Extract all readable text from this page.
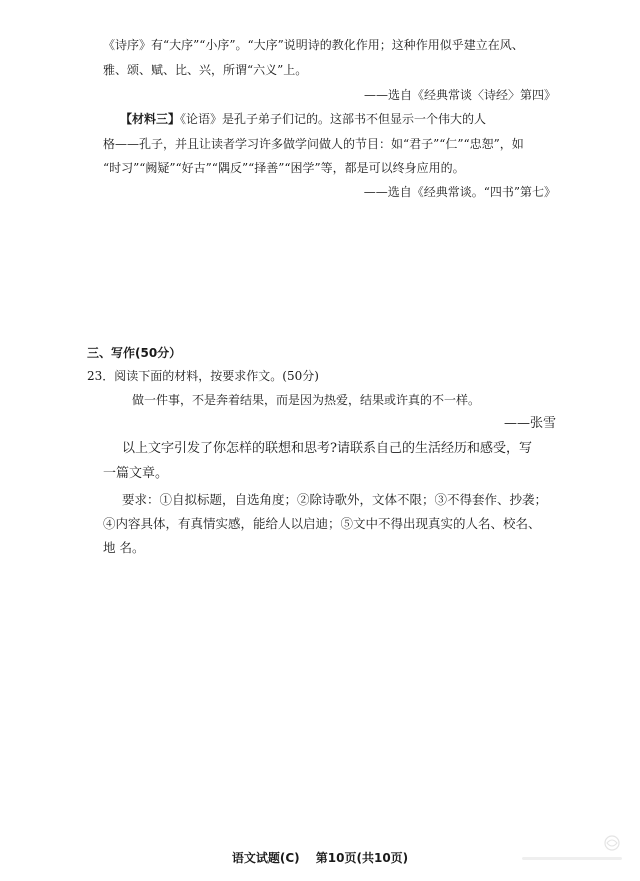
《诗序》有“大序”“小序”。“大序”说明诗的教化作用；这种作用似乎建立在风、
雅、颂、赋、比、兴，所谓“六义”上。
——选自《经典常谈〈诗经〉第四》
【材料三】《论语》是孔子弟子们记的。这部书不但显示一个伟大的人
格——孔子，并且让读者学习许多做学问做人的节目：如“君子”“仁”“忠恕”，如
“时习”“阙疑”“好古”“隅反”“择善”“困学”等，都是可以终身应用的。
——选自《经典常谈。“四书”第七》
三、写作(50分）
23．阅读下面的材料，按要求作文。(50分)
做一件事，不是奔着结果，而是因为热爱，结果或许真的不一样。
——张雪
以上文字引发了你怎样的联想和思考?请联系自己的生活经历和感受，写
一篇文章。
要求：①自拟标题，自选角度；②除诗歌外，文体不限；③不得套作、抄袭；
④内容具体，有真情实感，能给人以启迪；⑤文中不得出现真实的人名、校名、
地 名。
语文试题(C) 第10页(共10页)
